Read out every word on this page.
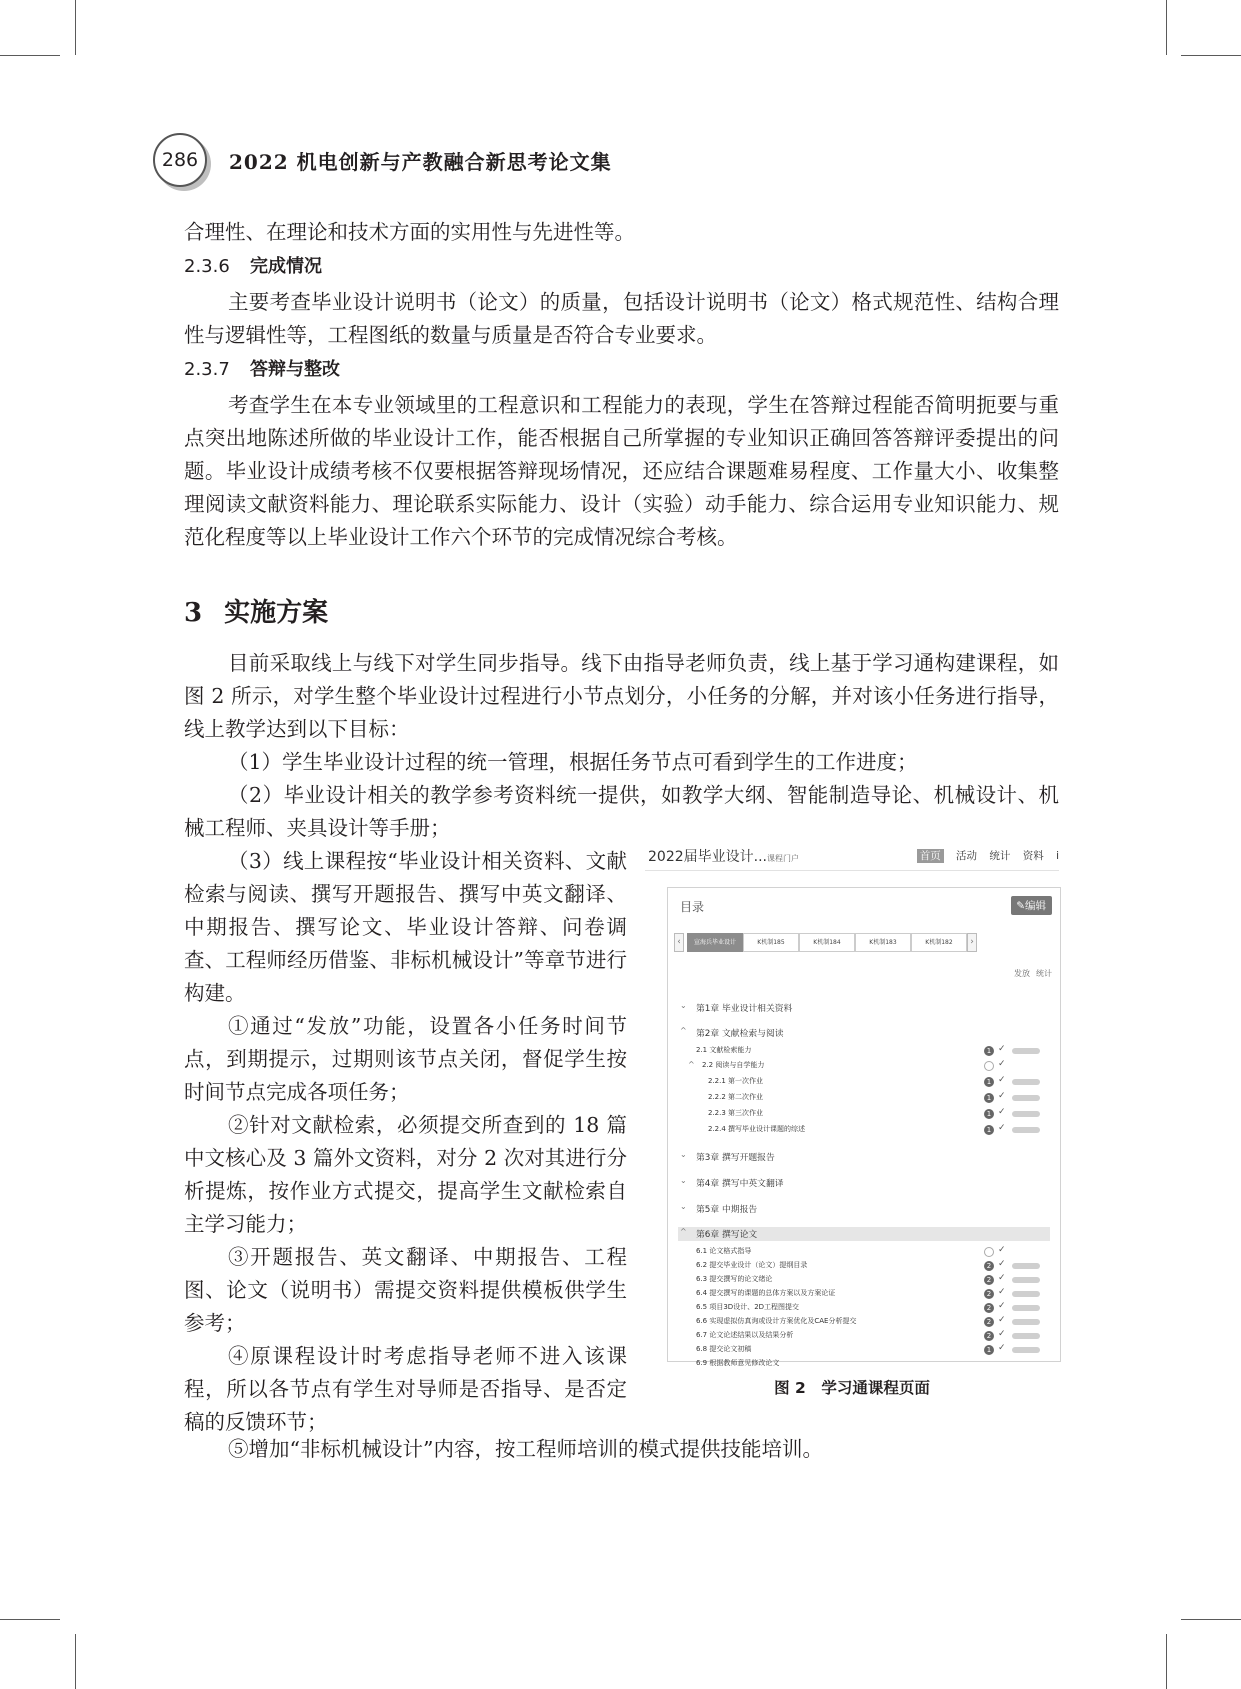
286	2022 机电创新与产教融合新思考论文集

合理性、在理论和技术方面的实用性与先进性等。

2.3.6 完成情况

主要考查毕业设计说明书（论文）的质量，包括设计说明书（论文）格式规范性、结构合理性与逻辑性等，工程图纸的数量与质量是否符合专业要求。

2.3.7 答辩与整改

考查学生在本专业领域里的工程意识和工程能力的表现，学生在答辩过程能否简明扼要与重点突出地陈述所做的毕业设计工作，能否根据自己所掌握的专业知识正确回答答辩评委提出的问题。毕业设计成绩考核不仅要根据答辩现场情况，还应结合课题难易程度、工作量大小、收集整理阅读文献资料能力、理论联系实际能力、设计（实验）动手能力、综合运用专业知识能力、规范化程度等以上毕业设计工作六个环节的完成情况综合考核。

3 实施方案

目前采取线上与线下对学生同步指导。线下由指导老师负责，线上基于学习通构建课程，如图 2 所示，对学生整个毕业设计过程进行小节点划分，小任务的分解，并对该小任务进行指导，线上教学达到以下目标：

（1）学生毕业设计过程的统一管理，根据任务节点可看到学生的工作进度；

（2）毕业设计相关的教学参考资料统一提供，如教学大纲、智能制造导论、机械设计、机械工程师、夹具设计等手册；

（3）线上课程按“毕业设计相关资料、文献检索与阅读、撰写开题报告、撰写中英文翻译、中期报告、撰写论文、毕业设计答辩、问卷调查、工程师经历借鉴、非标机械设计”等章节进行构建。

①通过“发放”功能，设置各小任务时间节点，到期提示，过期则该节点关闭，督促学生按时间节点完成各项任务；

②针对文献检索，必须提交所查到的 18 篇中文核心及 3 篇外文资料，对分 2 次对其进行分析提炼，按作业方式提交，提高学生文献检索自主学习能力；

③开题报告、英文翻译、中期报告、工程图、论文（说明书）需提交资料提供模板供学生参考；

④原课程设计时考虑指导老师不进入该课程，所以各节点有学生对导师是否指导、是否定稿的反馈环节；

⑤增加“非标机械设计”内容，按工程师培训的模式提供技能培训。

2022届毕业设计...课程门户	首页 活动 统计 资料 i
目录	✎编辑
‹	宣海兵毕业设计	K机制185	K机制184	K机制183	K机制182	›
发放 统计
⌄ 第1章 毕业设计相关资料
^ 第2章 文献检索与阅读
2.1 文献检索能力	1 ✓
^ 2.2 阅读与自学能力	✓
2.2.1 第一次作业	1 ✓
2.2.2 第二次作业	1 ✓
2.2.3 第三次作业	1 ✓
2.2.4 撰写毕业设计课题的综述	1 ✓
⌄ 第3章 撰写开题报告
⌄ 第4章 撰写中英文翻译
⌄ 第5章 中期报告
^ 第6章 撰写论文
6.1 论文格式指导	✓
6.2 提交毕业设计（论文）提纲目录	2 ✓
6.3 提交撰写的论文绪论	2 ✓
6.4 提交撰写的课题的总体方案以及方案论证	2 ✓
6.5 项目3D设计、2D工程图提交	2 ✓
6.6 实现虚拟仿真询或设计方案优化及CAE分析提交	2 ✓
6.7 论文论述结果以及结果分析	2 ✓
6.8 提交论文初稿	1 ✓
6.9 根据教师意见修改论文
图 2　学习通课程页面
